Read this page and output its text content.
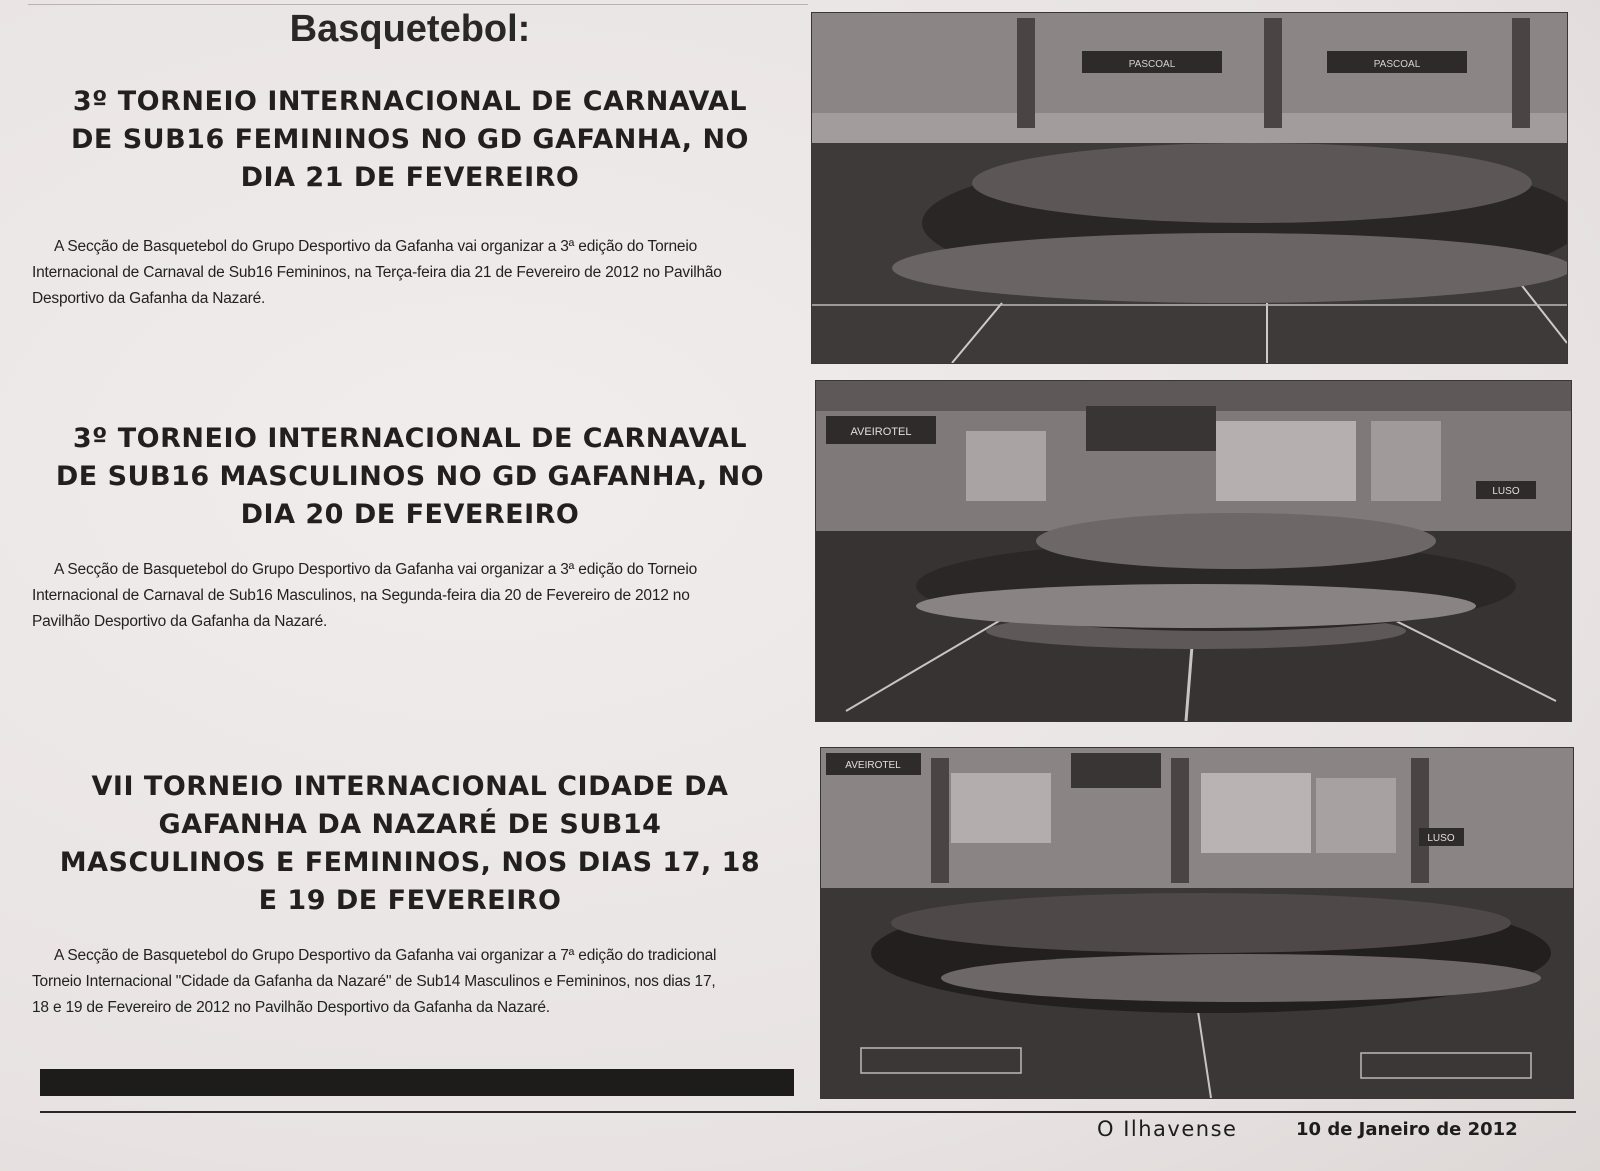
Basquetebol:
3º TORNEIO INTERNACIONAL DE CARNAVAL
DE SUB16 FEMININOS NO GD GAFANHA, NO
DIA 21 DE FEVEREIRO

A Secção de Basquetebol do Grupo Desportivo da Gafanha vai organizar a 3ª edição do Torneio
Internacional de Carnaval de Sub16 Femininos, na Terça-feira dia 21 de Fevereiro de 2012 no Pavilhão
Desportivo da Gafanha da Nazaré.

3º TORNEIO INTERNACIONAL DE CARNAVAL
DE SUB16 MASCULINOS NO GD GAFANHA, NO
DIA 20 DE FEVEREIRO

A Secção de Basquetebol do Grupo Desportivo da Gafanha vai organizar a 3ª edição do Torneio
Internacional de Carnaval de Sub16 Masculinos, na Segunda-feira dia 20 de Fevereiro de 2012 no
Pavilhão Desportivo da Gafanha da Nazaré.

VII TORNEIO INTERNACIONAL CIDADE DA
GAFANHA DA NAZARÉ DE SUB14
MASCULINOS E FEMININOS, NOS DIAS 17, 18
E 19 DE FEVEREIRO

A Secção de Basquetebol do Grupo Desportivo da Gafanha vai organizar a 7ª edição do tradicional
Torneio Internacional "Cidade da Gafanha da Nazaré" de Sub14 Masculinos e Femininos, nos dias 17,
18 e 19 de Fevereiro de 2012 no Pavilhão Desportivo da Gafanha da Nazaré.

PASCOAL	PASCOAL
AVEIROTEL
LUSO
AVEIROTEL
LUSO
O Ilhavense	10 de Janeiro de 2012
